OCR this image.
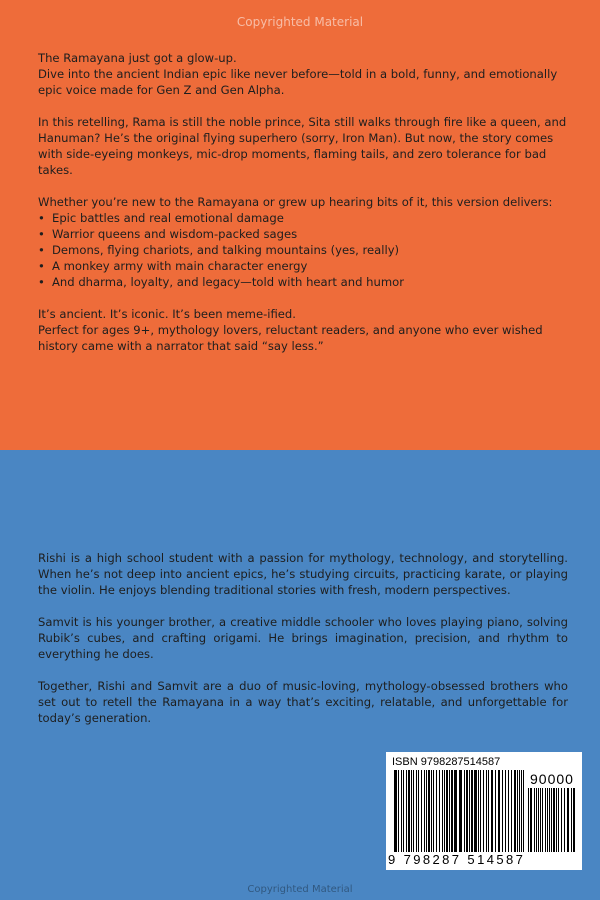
Copyrighted Material

The Ramayana just got a glow-up.
Dive into the ancient Indian epic like never before—told in a bold, funny, and emotionally epic voice made for Gen Z and Gen Alpha.

In this retelling, Rama is still the noble prince, Sita still walks through fire like a queen, and Hanuman? He’s the original flying superhero (sorry, Iron Man). But now, the story comes with side-eyeing monkeys, mic-drop moments, flaming tails, and zero tolerance for bad takes.

Whether you’re new to the Ramayana or grew up hearing bits of it, this version delivers:

• Epic battles and real emotional damage
• Warrior queens and wisdom-packed sages
• Demons, flying chariots, and talking mountains (yes, really)
• A monkey army with main character energy
• And dharma, loyalty, and legacy—told with heart and humor

It’s ancient. It’s iconic. It’s been meme-ified.
Perfect for ages 9+, mythology lovers, reluctant readers, and anyone who ever wished history came with a narrator that said “say less.”

Rishi is a high school student with a passion for mythology, technology, and storytelling. When he’s not deep into ancient epics, he’s studying circuits, practicing karate, or playing the violin. He enjoys blending traditional stories with fresh, modern perspectives.

Samvit is his younger brother, a creative middle schooler who loves playing piano, solving Rubik’s cubes, and crafting origami. He brings imagination, precision, and rhythm to everything he does.

Together, Rishi and Samvit are a duo of music-loving, mythology-obsessed brothers who set out to retell the Ramayana in a way that’s exciting, relatable, and unforgettable for today’s generation.

ISBN 9798287514587
90000
9 798287 514587
Copyrighted Material
